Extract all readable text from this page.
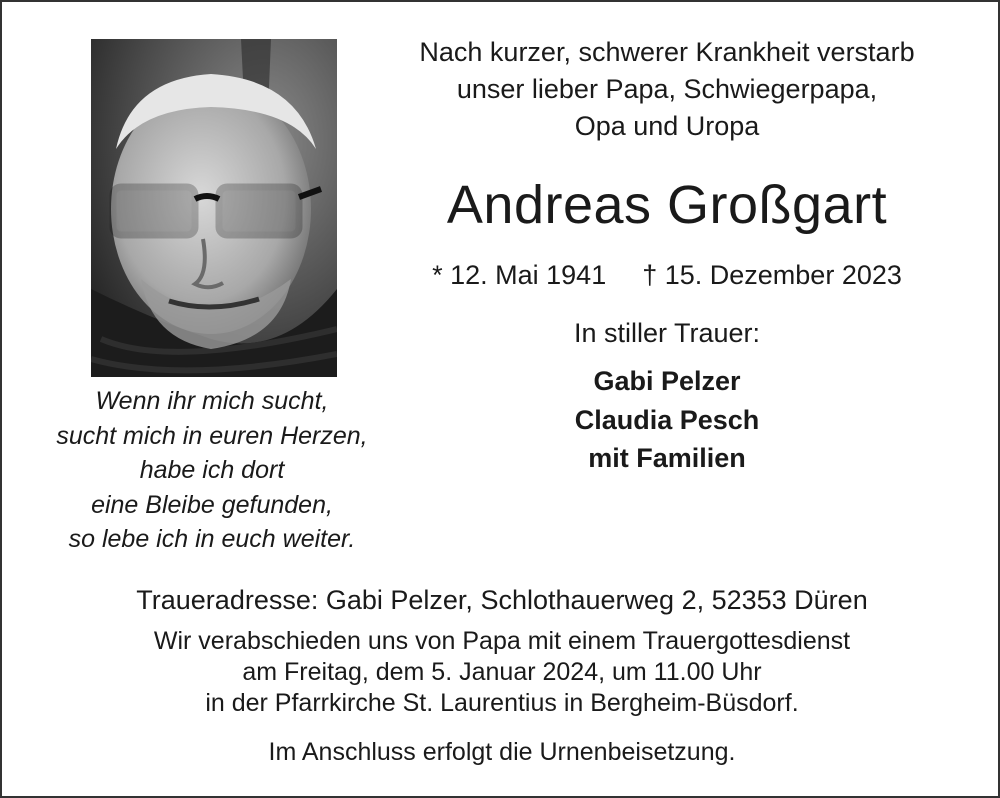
Wenn ihr mich sucht,
sucht mich in euren Herzen,
habe ich dort
eine Bleibe gefunden,
so lebe ich in euch weiter.
Nach kurzer, schwerer Krankheit verstarb
unser lieber Papa, Schwiegerpapa,
Opa und Uropa
Andreas Großgart
* 12. Mai 1941 † 15. Dezember 2023
In stiller Trauer:
Gabi Pelzer
Claudia Pesch
mit Familien
Traueradresse: Gabi Pelzer, Schlothauerweg 2, 52353 Düren
Wir verabschieden uns von Papa mit einem Trauergottesdienst
am Freitag, dem 5. Januar 2024, um 11.00 Uhr
in der Pfarrkirche St. Laurentius in Bergheim-Büsdorf.
Im Anschluss erfolgt die Urnenbeisetzung.
